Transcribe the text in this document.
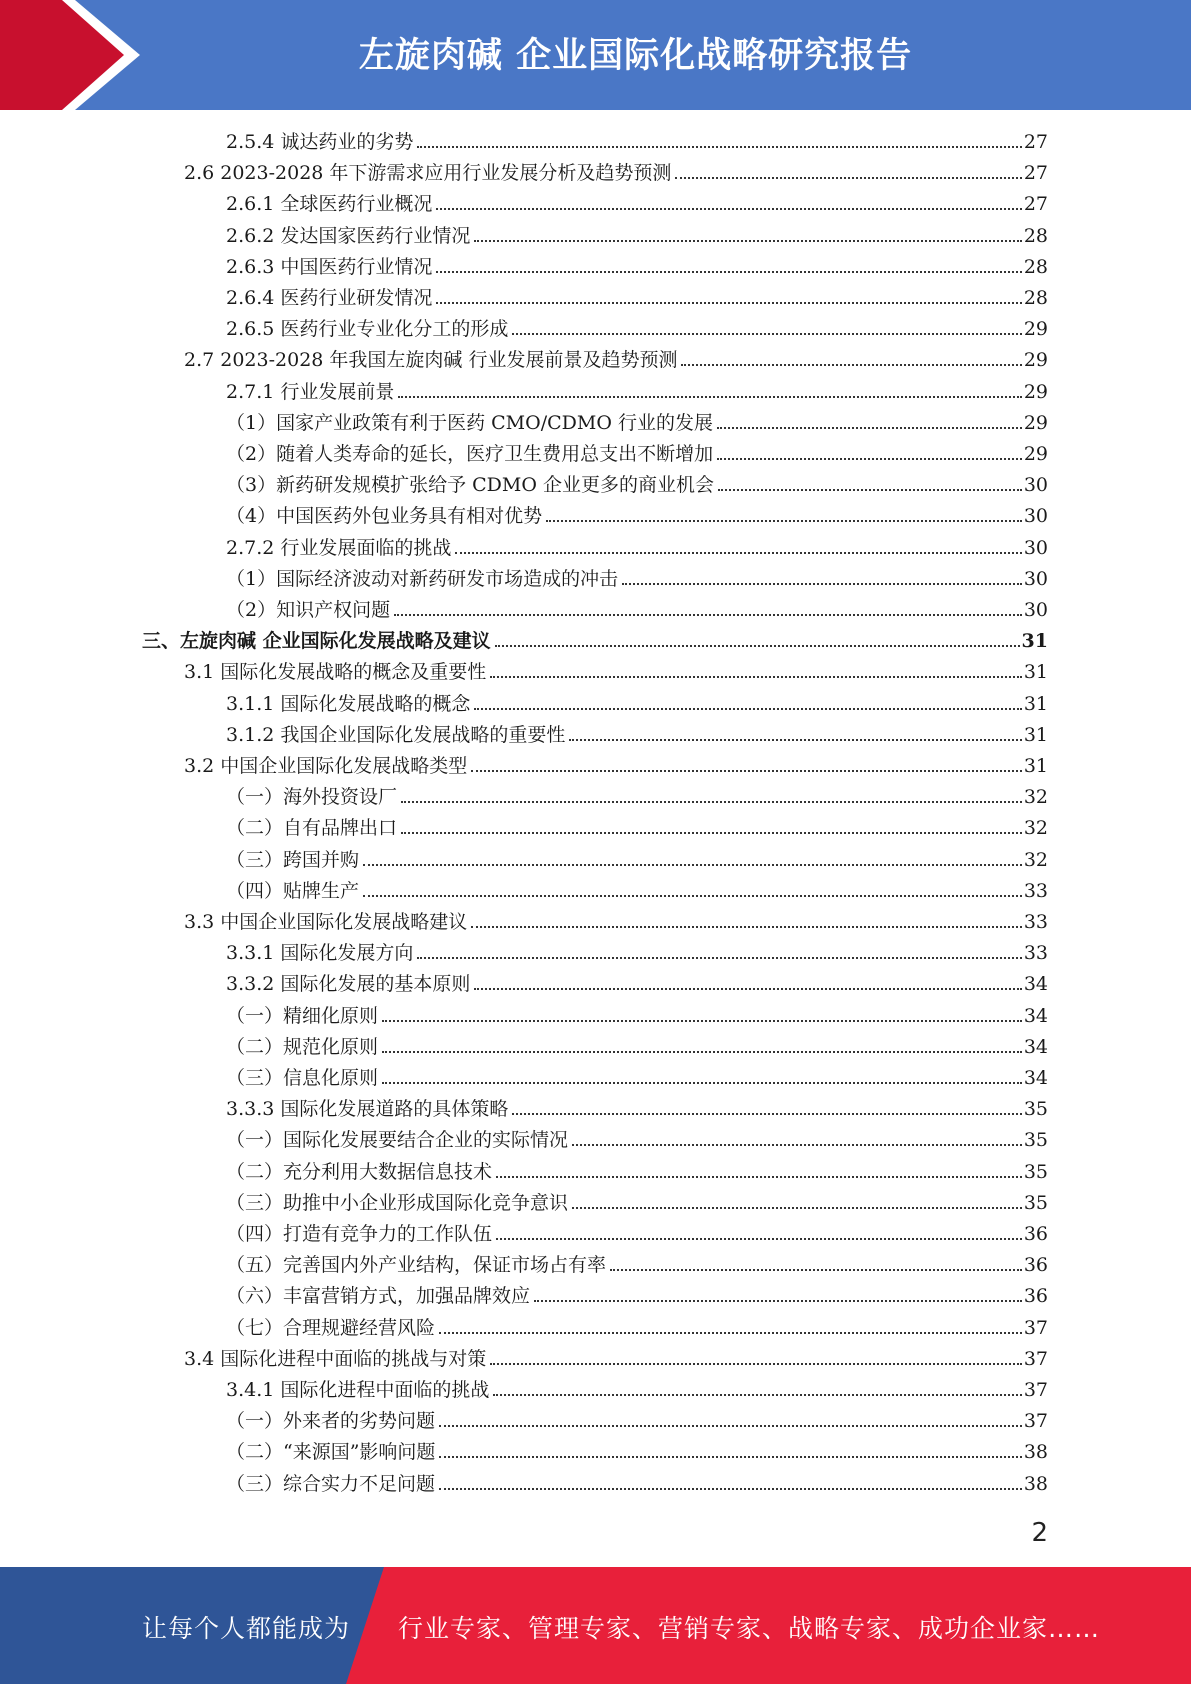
左旋肉碱 企业国际化战略研究报告
2.5.4 诚达药业的劣势	27
2.6 2023-2028 年下游需求应用行业发展分析及趋势预测	27
2.6.1 全球医药行业概况	27
2.6.2 发达国家医药行业情况	28
2.6.3 中国医药行业情况	28
2.6.4 医药行业研发情况	28
2.6.5 医药行业专业化分工的形成	29
2.7 2023-2028 年我国左旋肉碱 行业发展前景及趋势预测	29
2.7.1 行业发展前景	29
（1）国家产业政策有利于医药 CMO/CDMO 行业的发展	29
（2）随着人类寿命的延长，医疗卫生费用总支出不断增加	29
（3）新药研发规模扩张给予 CDMO 企业更多的商业机会	30
（4）中国医药外包业务具有相对优势	30
2.7.2 行业发展面临的挑战	30
（1）国际经济波动对新药研发市场造成的冲击	30
（2）知识产权问题	30
三、左旋肉碱 企业国际化发展战略及建议	31
3.1 国际化发展战略的概念及重要性	31
3.1.1 国际化发展战略的概念	31
3.1.2 我国企业国际化发展战略的重要性	31
3.2 中国企业国际化发展战略类型	31
（一）海外投资设厂	32
（二）自有品牌出口	32
（三）跨国并购	32
（四）贴牌生产	33
3.3 中国企业国际化发展战略建议	33
3.3.1 国际化发展方向	33
3.3.2 国际化发展的基本原则	34
（一）精细化原则	34
（二）规范化原则	34
（三）信息化原则	34
3.3.3 国际化发展道路的具体策略	35
（一）国际化发展要结合企业的实际情况	35
（二）充分利用大数据信息技术	35
（三）助推中小企业形成国际化竞争意识	35
（四）打造有竞争力的工作队伍	36
（五）完善国内外产业结构，保证市场占有率	36
（六）丰富营销方式，加强品牌效应	36
（七）合理规避经营风险	37
3.4 国际化进程中面临的挑战与对策	37
3.4.1 国际化进程中面临的挑战	37
（一）外来者的劣势问题	37
（二）“来源国”影响问题	38
（三）综合实力不足问题	38
2
让每个人都能成为 行业专家、管理专家、营销专家、战略专家、成功企业家……
